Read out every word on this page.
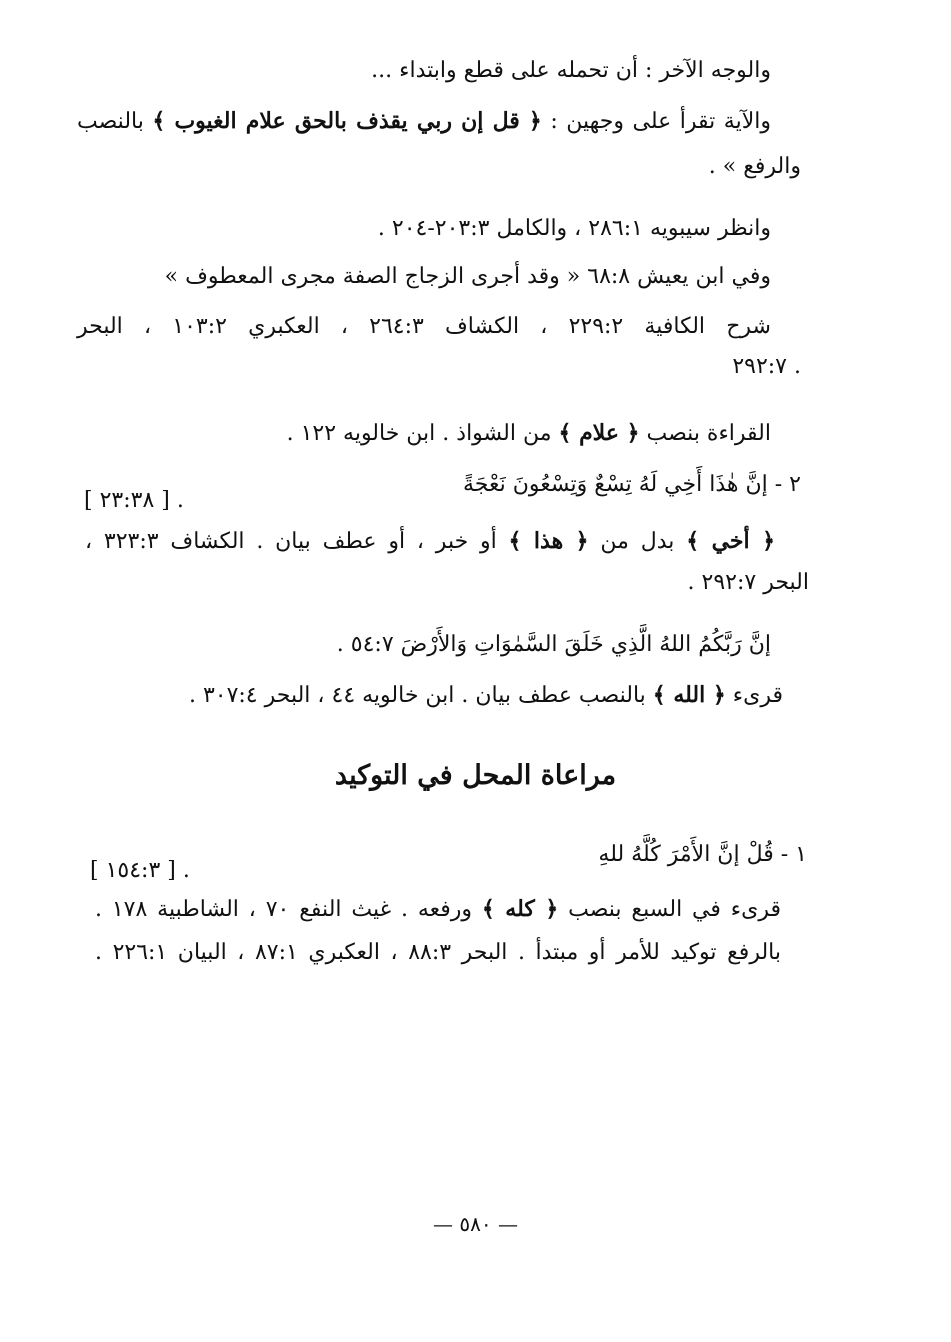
والوجه الآخر : أن تحمله على قطع وابتداء ...
والآية تقرأ على وجهين : ﴿ قل إن ربي يقذف بالحق علام الغيوب ﴾ بالنصب
والرفع » .
وانظر سيبويه ٢٨٦:١ ، والكامل ٢٠٣:٣-٢٠٤ .
وفي ابن يعيش ٦٨:٨ « وقد أجرى الزجاج الصفة مجرى المعطوف »
شرح الكافية ٢٢٩:٢ ، الكشاف ٢٦٤:٣ ، العكبري ١٠٣:٢ ، البحر
٢٩٢:٧ .
القراءة بنصب ﴿ علام ﴾ من الشواذ . ابن خالويه ١٢٢ .
٢ - إنَّ هٰذَا أَخِي لَهُ تِسْعٌ وَتِسْعُونَ نَعْجَةً
[ ٢٣:٣٨ ] .
﴿ أخي ﴾ بدل من ﴿ هذا ﴾ أو خبر ، أو عطف بيان . الكشاف ٣٢٣:٣ ،
البحر ٢٩٢:٧ .
إنَّ رَبَّكُمُ اللهُ الَّذِي خَلَقَ السَّمٰوَاتِ وَالأَرْضَ ٥٤:٧ .
قرىء ﴿ الله ﴾ بالنصب عطف بيان . ابن خالويه ٤٤ ، البحر ٣٠٧:٤ .
مراعاة المحل في التوكيد
١ - قُلْ إنَّ الأَمْرَ كُلَّهُ للهِ
[ ١٥٤:٣ ] .
قرىء في السبع بنصب ﴿ كله ﴾ ورفعه . غيث النفع ٧٠ ، الشاطبية ١٧٨ .
بالرفع توكيد للأمر أو مبتدأ . البحر ٨٨:٣ ، العكبري ٨٧:١ ، البيان ٢٢٦:١ .
— ٥٨٠ —
